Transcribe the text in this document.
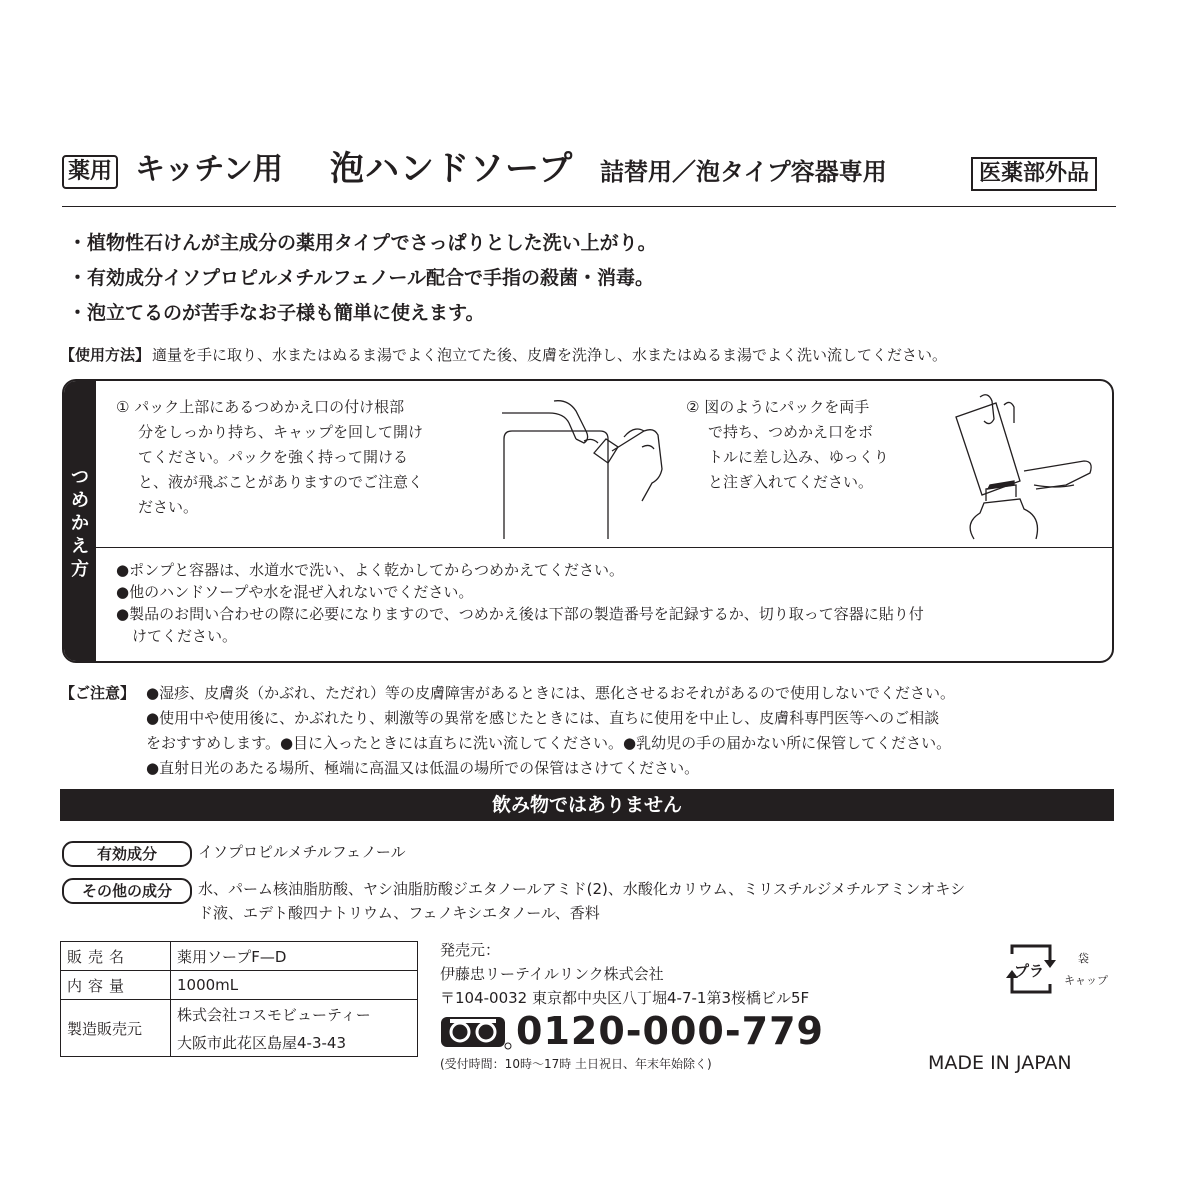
薬用 キッチン用 泡ハンドソープ 詰替用／泡タイプ容器専用	医薬部外品
・植物性石けんが主成分の薬用タイプでさっぱりとした洗い上がり。
・有効成分イソプロピルメチルフェノール配合で手指の殺菌・消毒。
・泡立てるのが苦手なお子様も簡単に使えます。
【使用方法】 適量を手に取り、水またはぬるま湯でよく泡立てた後、皮膚を洗浄し、水またはぬるま湯でよく洗い流してください。
つめかえ方
① パック上部にあるつめかえ口の付け根部
分をしっかり持ち、キャップを回して開け
てください。パックを強く持って開ける
と、液が飛ぶことがありますのでご注意く
ださい。
② 図のようにパックを両手
で持ち、つめかえ口をボ
トルに差し込み、ゆっくり
と注ぎ入れてください。
●ポンプと容器は、水道水で洗い、よく乾かしてからつめかえてください。
●他のハンドソープや水を混ぜ入れないでください。
●製品のお問い合わせの際に必要になりますので、つめかえ後は下部の製造番号を記録するか、切り取って容器に貼り付
けてください。
【ご注意】 ●湿疹、皮膚炎（かぶれ、ただれ）等の皮膚障害があるときには、悪化させるおそれがあるので使用しないでください。
●使用中や使用後に、かぶれたり、刺激等の異常を感じたときには、直ちに使用を中止し、皮膚科専門医等へのご相談
をおすすめします。●目に入ったときには直ちに洗い流してください。●乳幼児の手の届かない所に保管してください。
●直射日光のあたる場所、極端に高温又は低温の場所での保管はさけてください。
飲み物ではありません
有効成分	イソプロピルメチルフェノール
その他の成分	水、パーム核油脂肪酸、ヤシ油脂肪酸ジエタノールアミド(2)、水酸化カリウム、ミリスチルジメチルアミンオキシ
ド液、エデト酸四ナトリウム、フェノキシエタノール、香料
販売名	薬用ソープF—D
内容量	1000mL
製造販売元	株式会社コスモビューティー
	大阪市此花区島屋4-3-43
発売元：
伊藤忠リーテイルリンク株式会社
〒104-0032 東京都中央区八丁堀4-7-1第3桜橋ビル5F
0120-000-779
(受付時間：10時～17時 土日祝日、年末年始除く)
プラ
袋
キャップ
MADE IN JAPAN
